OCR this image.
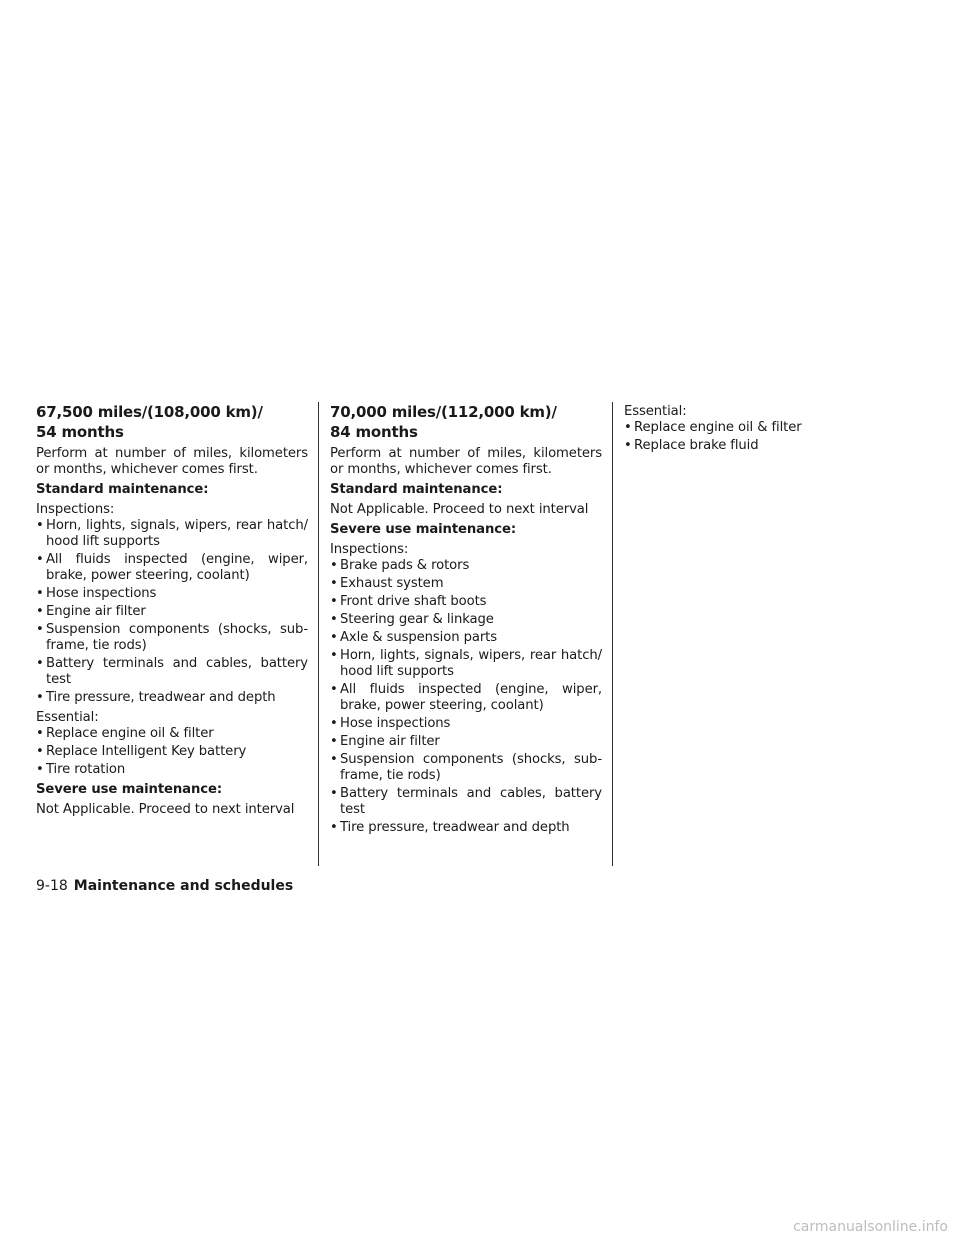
67,500 miles/(108,000 km)/
54 months

Perform at number of miles, kilometers or months, whichever comes first.

Standard maintenance:

Inspections:

• Horn, lights, signals, wipers, rear hatch/ hood lift supports
• All fluids inspected (engine, wiper, brake, power steering, coolant)
• Hose inspections
• Engine air filter
• Suspension components (shocks, sub-frame, tie rods)
• Battery terminals and cables, battery test
• Tire pressure, treadwear and depth

Essential:

• Replace engine oil & filter
• Replace Intelligent Key battery
• Tire rotation

Severe use maintenance:

Not Applicable. Proceed to next interval

70,000 miles/(112,000 km)/
84 months

Perform at number of miles, kilometers or months, whichever comes first.

Standard maintenance:

Not Applicable. Proceed to next interval

Severe use maintenance:

Inspections:

• Brake pads & rotors
• Exhaust system
• Front drive shaft boots
• Steering gear & linkage
• Axle & suspension parts
• Horn, lights, signals, wipers, rear hatch/ hood lift supports
• All fluids inspected (engine, wiper, brake, power steering, coolant)
• Hose inspections
• Engine air filter
• Suspension components (shocks, sub-frame, tie rods)
• Battery terminals and cables, battery test
• Tire pressure, treadwear and depth

Essential:

• Replace engine oil & filter
• Replace brake fluid
9-18 Maintenance and schedules
carmanualsonline.info
